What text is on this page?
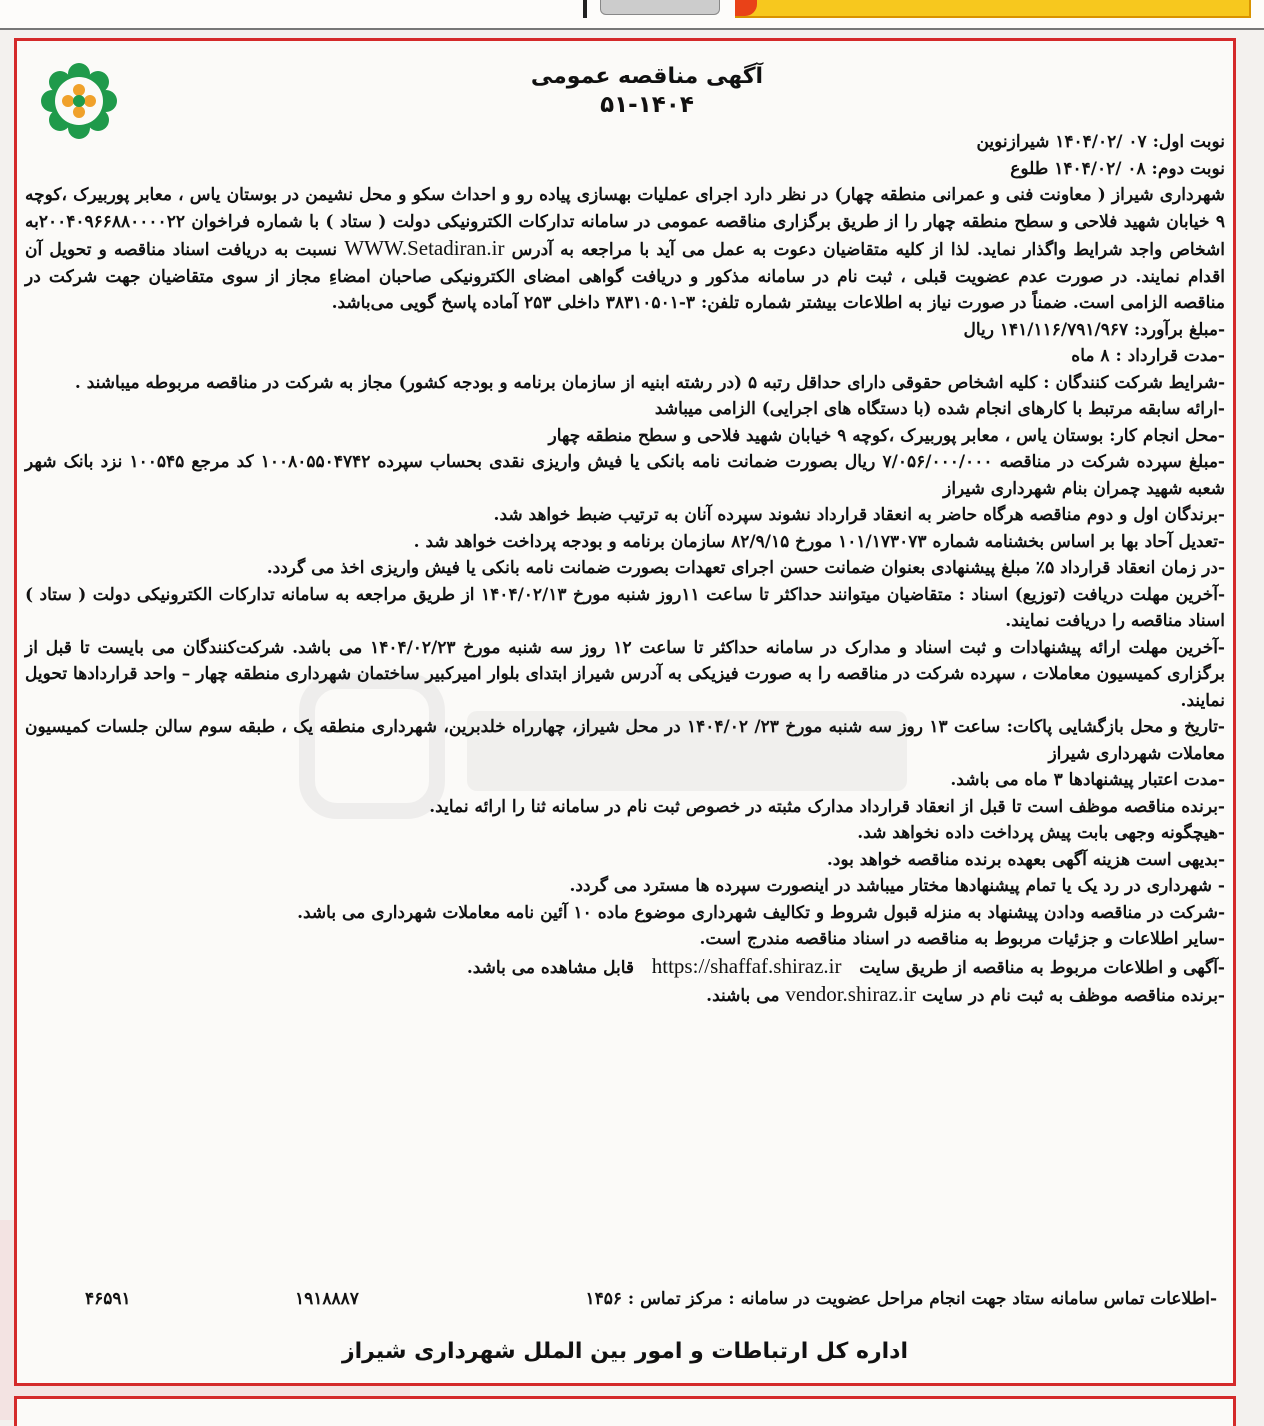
آگهی مناقصه عمومی
۵۱-۱۴۰۴

نوبت اول: ۰۷ /۱۴۰۴/۰۲ شیرازنوین

نوبت دوم: ۰۸ /۱۴۰۴/۰۲ طلوع

شهرداری شیراز ( معاونت فنی و عمرانی منطقه چهار) در نظر دارد اجرای عملیات بهسازی پیاده رو و احداث سکو و محل نشیمن در بوستان یاس ، معابر پوربیرک ،کوچه ۹ خیابان شهید فلاحی و سطح منطقه چهار را از طریق برگزاری مناقصه عمومی در سامانه تدارکات الکترونیکی دولت ( ستاد ) با شماره فراخوان ۲۰۰۴۰۹۶۶۸۸۰۰۰۰۲۲به اشخاص واجد شرایط واگذار نماید. لذا از کلیه متقاضیان دعوت به عمل می آید با مراجعه به آدرس WWW.Setadiran.ir نسبت به دریافت اسناد مناقصه و تحویل آن اقدام نمایند. در صورت عدم عضویت قبلی ، ثبت نام در سامانه مذکور و دریافت گواهی امضای الکترونیکی صاحبان امضاءِ مجاز از سوی متقاضیان جهت شرکت در مناقصه الزامی است. ضمناً در صورت نیاز به اطلاعات بیشتر شماره تلفن: ۳-۳۸۳۱۰۵۰۱ داخلی ۲۵۳ آماده پاسخ گویی می‌باشد.

-مبلغ برآورد: ۱۴۱/۱۱۶/۷۹۱/۹۶۷ ریال

-مدت قرارداد : ۸ ماه

-شرایط شرکت کنندگان : کلیه اشخاص حقوقی دارای حداقل رتبه ۵ (در رشته ابنیه از سازمان برنامه و بودجه کشور) مجاز به شرکت در مناقصه مربوطه میباشند .

-ارائه سابقه مرتبط با کارهای انجام شده (با دستگاه های اجرایی) الزامی میباشد

-محل انجام کار: بوستان یاس ، معابر پوربیرک ،کوچه ۹ خیابان شهید فلاحی و سطح منطقه چهار

-مبلغ سپرده شرکت در مناقصه ۷/۰۵۶/۰۰۰/۰۰۰ ریال بصورت ضمانت نامه بانکی یا فیش واریزی نقدی بحساب سپرده ۱۰۰۸۰۵۵۰۴۷۴۲ کد مرجع ۱۰۰۵۴۵ نزد بانک شهر شعبه شهید چمران بنام شهرداری شیراز

-برندگان اول و دوم مناقصه هرگاه حاضر به انعقاد قرارداد نشوند سپرده آنان به ترتیب ضبط خواهد شد.

-تعدیل آحاد بها بر اساس بخشنامه شماره ۱۰۱/۱۷۳۰۷۳ مورخ ۸۲/۹/۱۵ سازمان برنامه و بودجه پرداخت خواهد شد .

-در زمان انعقاد قرارداد ۵٪ مبلغ پیشنهادی بعنوان ضمانت حسن اجرای تعهدات بصورت ضمانت نامه بانکی یا فیش واریزی اخذ می گردد.

-آخرین مهلت دریافت (توزیع) اسناد : متقاضیان میتوانند حداکثر تا ساعت ۱۱روز شنبه مورخ ۱۴۰۴/۰۲/۱۳ از طریق مراجعه به سامانه تدارکات الکترونیکی دولت ( ستاد ) اسناد مناقصه را دریافت نمایند.

-آخرین مهلت ارائه پیشنهادات و ثبت اسناد و مدارک در سامانه حداکثر تا ساعت ۱۲ روز سه شنبه مورخ ۱۴۰۴/۰۲/۲۳ می باشد. شرکت‌کنندگان می بایست تا قبل از برگزاری کمیسیون معاملات ، سپرده شرکت در مناقصه را به صورت فیزیکی به آدرس شیراز ابتدای بلوار امیرکبیر ساختمان شهرداری منطقه چهار – واحد قراردادها تحویل نمایند.

-تاریخ و محل بازگشایی پاکات: ساعت ۱۳ روز سه شنبه مورخ ۲۳/ ۱۴۰۴/۰۲ در محل شیراز، چهارراه خلدبرین، شهرداری منطقه یک ، طبقه سوم سالن جلسات کمیسیون معاملات شهرداری شیراز

-مدت اعتبار پیشنهادها ۳ ماه می باشد.

-برنده مناقصه موظف است تا قبل از انعقاد قرارداد مدارک مثبته در خصوص ثبت نام در سامانه ثنا را ارائه نماید.

-هیچگونه وجهی بابت پیش پرداخت داده نخواهد شد.

-بدیهی است هزینه آگهی بعهده برنده مناقصه خواهد بود.

- شهرداری در رد یک یا تمام پیشنهادها مختار میباشد در اینصورت سپرده ها مسترد می گردد.

-شرکت در مناقصه ودادن پیشنهاد به منزله قبول شروط و تکالیف شهرداری موضوع ماده ۱۰ آئین نامه معاملات شهرداری می باشد.

-سایر اطلاعات و جزئیات مربوط به مناقصه در اسناد مناقصه مندرج است.

-آگهی و اطلاعات مربوط به مناقصه از طریق سایت   https://shaffaf.shiraz.ir   قابل مشاهده می باشد.

-برنده مناقصه موظف به ثبت نام در سایت vendor.shiraz.ir می باشند.

-اطلاعات تماس سامانه ستاد جهت انجام مراحل عضویت در سامانه : مرکز تماس : ۱۴۵۶
۱۹۱۸۸۸۷
۴۶۵۹۱
اداره کل ارتباطات و امور بین الملل شهرداری شیراز
